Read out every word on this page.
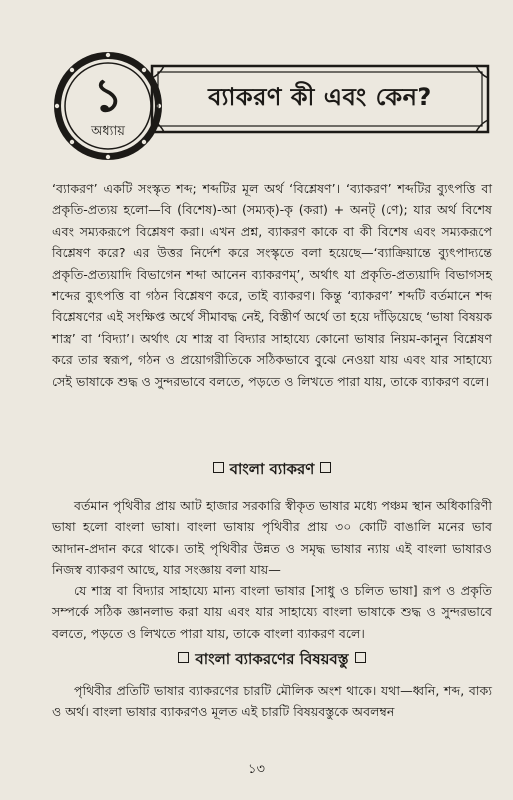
১
অধ্যায়
ব্যাকরণ কী এবং কেন?

‘ব্যাকরণ’ একটি সংস্কৃত শব্দ; শব্দটির মূল অর্থ ‘বিশ্লেষণ’। ‘ব্যাকরণ’ শব্দটির ব্যুৎপত্তি বা প্রকৃতি-প্রত্যয় হলো—বি (বিশেষ)-আ (সম্যক্)-কৃ (করা) + অনট্‌ (ণে); যার অর্থ বিশেষ এবং সম্যকরূপে বিশ্লেষণ করা। এখন প্রশ্ন, ব্যাকরণ কাকে বা কী বিশেষ এবং সম্যকরূপে বিশ্লেষণ করে? এর উত্তর নির্দেশ করে সংস্কৃতে বলা হয়েছে—‘ব্যাক্রিয়ান্তে ব্যুৎপাদ্যন্তে প্রকৃতি-প্রত্যয়াদি বিভাগেন শব্দা আনেন ব্যাকরণম্’, অর্থাৎ যা প্রকৃতি-প্রত্যয়াদি বিভাগসহ শব্দের ব্যুৎপত্তি বা গঠন বিশ্লেষণ করে, তাই ব্যাকরণ। কিন্তু ‘ব্যাকরণ’ শব্দটি বর্তমানে শব্দ বিশ্লেষণের এই সংক্ষিপ্ত অর্থে সীমাবদ্ধ নেই, বিস্তীর্ণ অর্থে তা হয়ে দাঁড়িয়েছে ‘ভাষা বিষয়ক শাস্ত্র’ বা ‘বিদ্যা’। অর্থাৎ যে শাস্ত্র বা বিদ্যার সাহায্যে কোনো ভাষার নিয়ম-কানুন বিশ্লেষণ করে তার স্বরূপ, গঠন ও প্রয়োগরীতিকে সঠিকভাবে বুঝে নেওয়া যায় এবং যার সাহায্যে সেই ভাষাকে শুদ্ধ ও সুন্দরভাবে বলতে, পড়তে ও লিখতে পারা যায়, তাকে ব্যাকরণ বলে।

বাংলা ব্যাকরণ

বর্তমান পৃথিবীর প্রায় আট হাজার সরকারি স্বীকৃত ভাষার মধ্যে পঞ্চম স্থান অধিকারিণী ভাষা হলো বাংলা ভাষা। বাংলা ভাষায় পৃথিবীর প্রায় ৩০ কোটি বাঙালি মনের ভাব আদান-প্রদান করে থাকে। তাই পৃথিবীর উন্নত ও সমৃদ্ধ ভাষার ন্যায় এই বাংলা ভাষারও নিজস্ব ব্যাকরণ আছে, যার সংজ্ঞায় বলা যায়—

যে শাস্ত্র বা বিদ্যার সাহায্যে মান্য বাংলা ভাষার [সাধু ও চলিত ভাষা] রূপ ও প্রকৃতি সম্পর্কে সঠিক জ্ঞানলাভ করা যায় এবং যার সাহায্যে বাংলা ভাষাকে শুদ্ধ ও সুন্দরভাবে বলতে, পড়তে ও লিখতে পারা যায়, তাকে বাংলা ব্যাকরণ বলে।

বাংলা ব্যাকরণের বিষয়বস্তু

পৃথিবীর প্রতিটি ভাষার ব্যাকরণের চারটি মৌলিক অংশ থাকে। যথা—ধ্বনি, শব্দ, বাক্য ও অর্থ। বাংলা ভাষার ব্যাকরণও মূলত এই চারটি বিষয়বস্তুকে অবলম্বন

১৩
